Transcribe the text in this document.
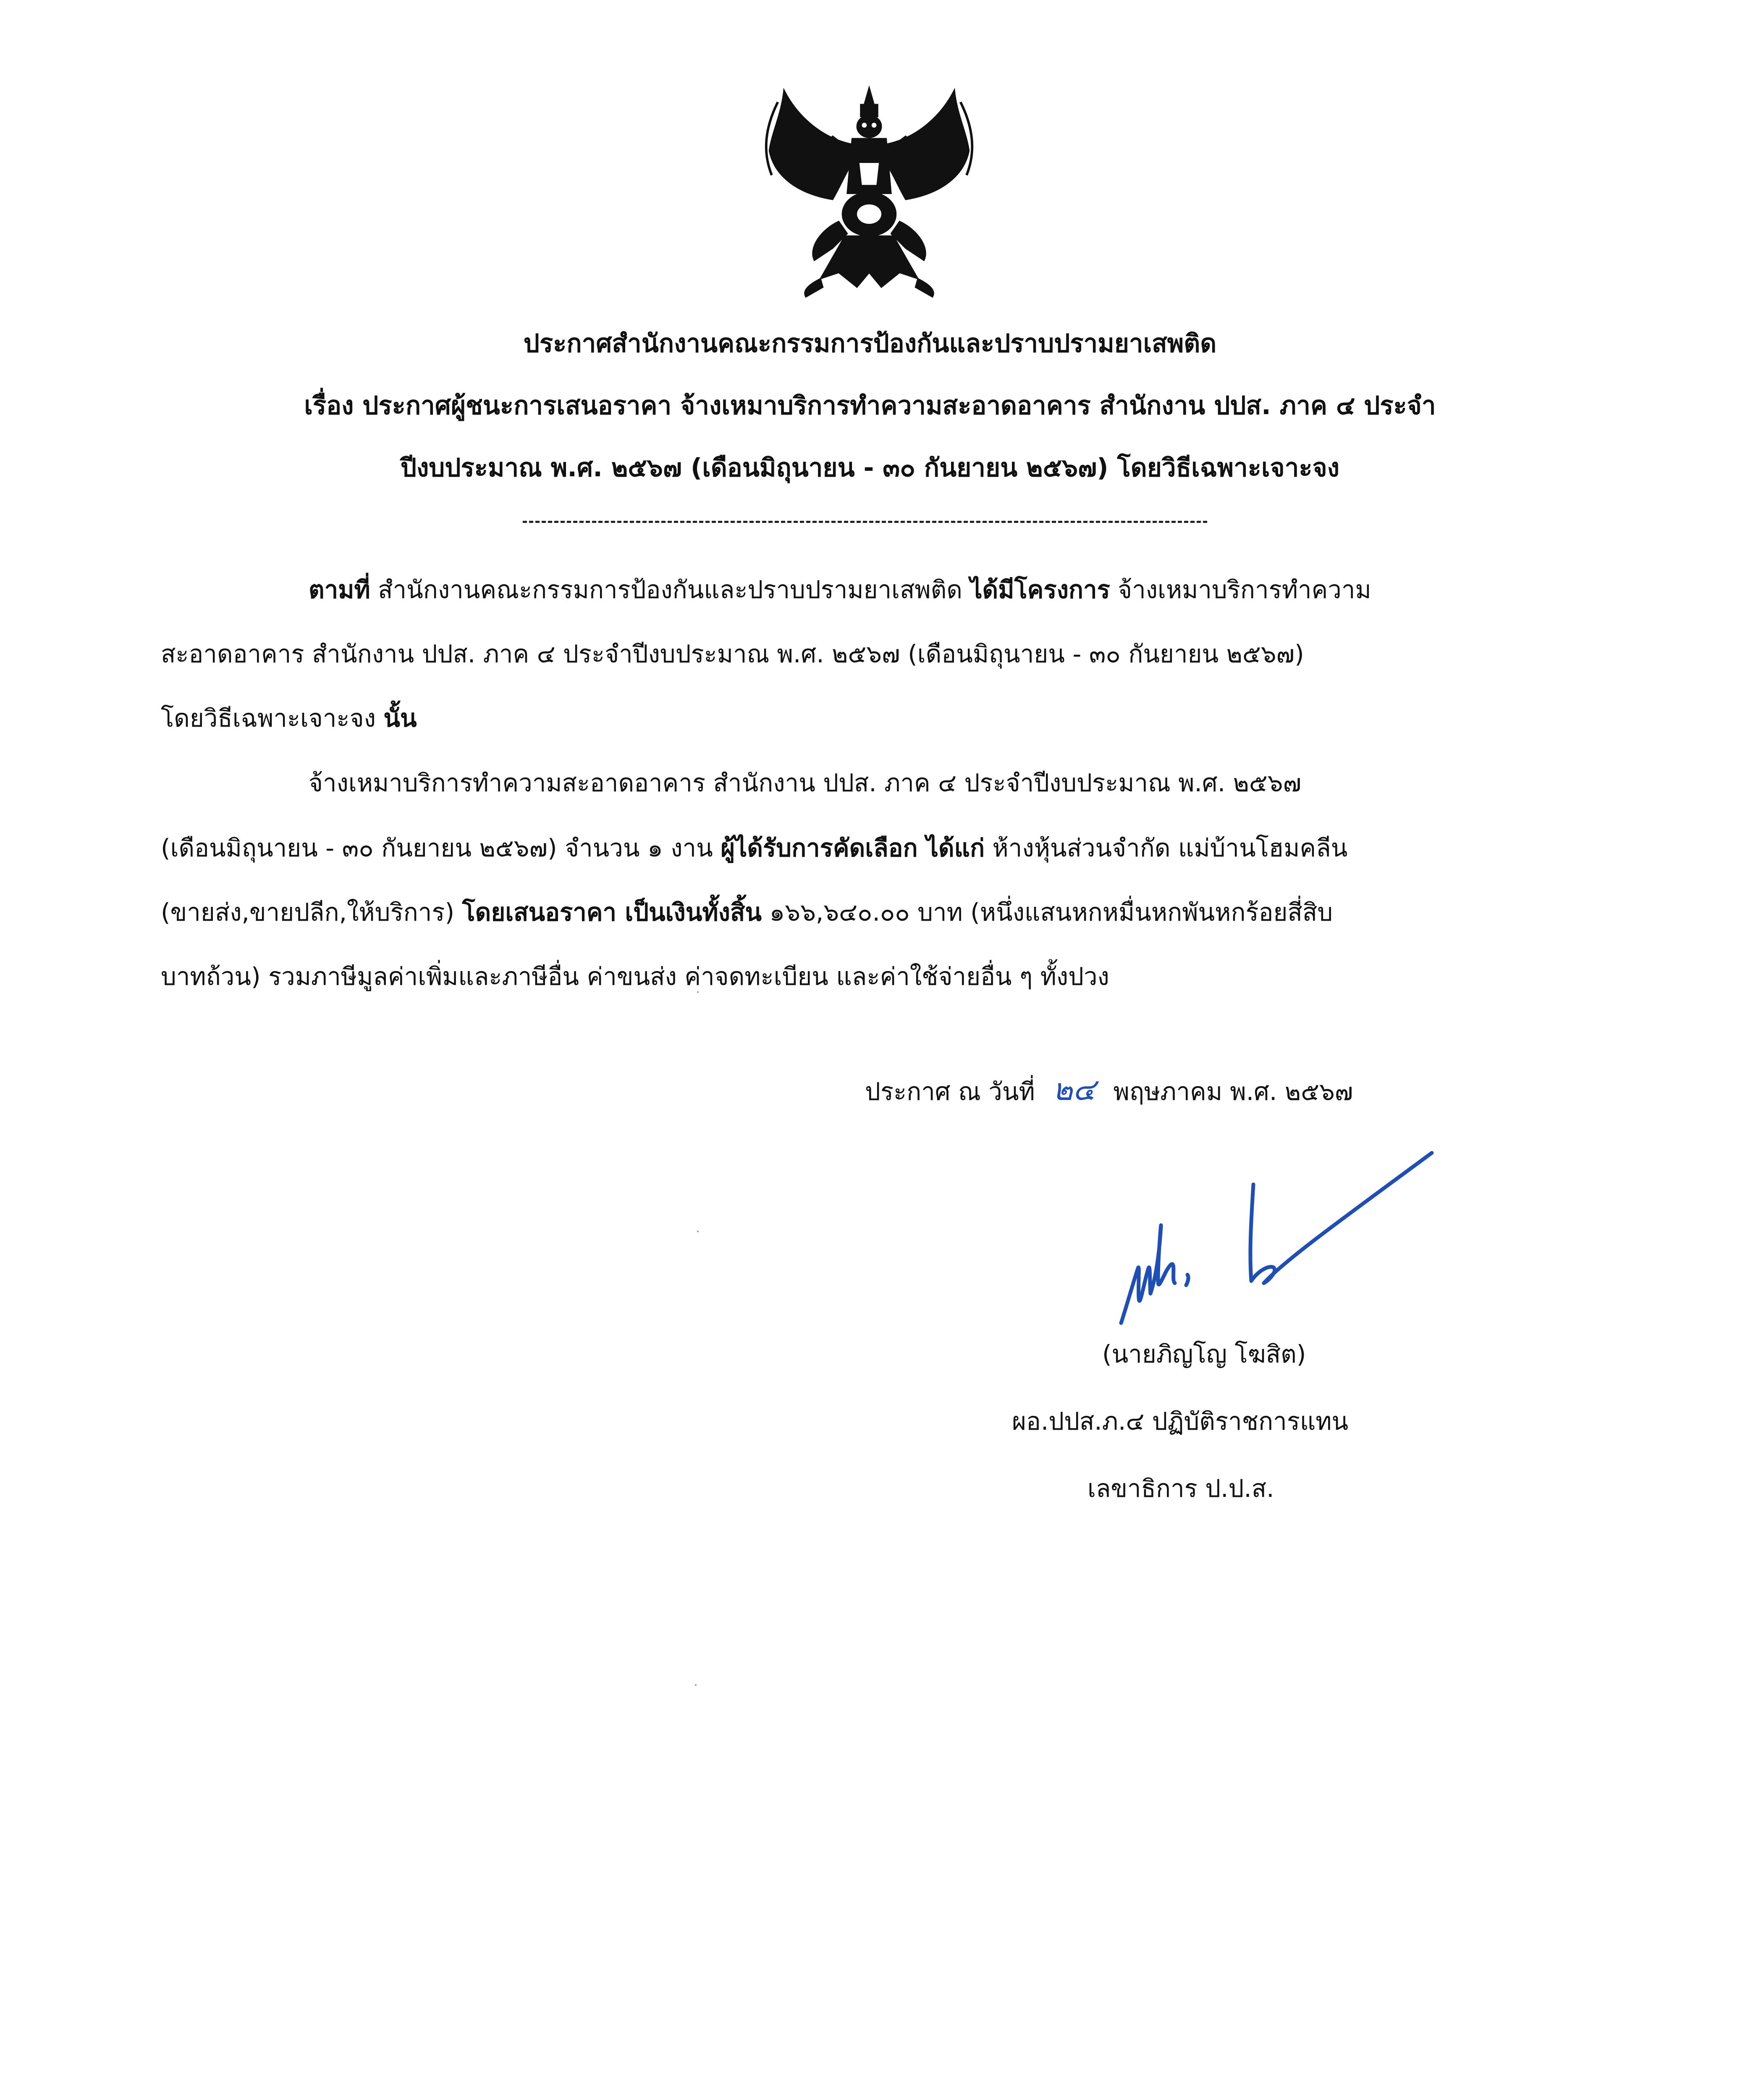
ประกาศสำนักงานคณะกรรมการป้องกันและปราบปรามยาเสพติด
เรื่อง ประกาศผู้ชนะการเสนอราคา จ้างเหมาบริการทำความสะอาดอาคาร สำนักงาน ปปส. ภาค ๔ ประจำ
ปีงบประมาณ พ.ศ. ๒๕๖๗ (เดือนมิถุนายน - ๓๐ กันยายน ๒๕๖๗) โดยวิธีเฉพาะเจาะจง
ตามที่ สำนักงานคณะกรรมการป้องกันและปราบปรามยาเสพติด ได้มีโครงการ จ้างเหมาบริการทำความ
สะอาดอาคาร สำนักงาน ปปส. ภาค ๔ ประจำปีงบประมาณ พ.ศ. ๒๕๖๗ (เดือนมิถุนายน - ๓๐ กันยายน ๒๕๖๗)
โดยวิธีเฉพาะเจาะจง นั้น
จ้างเหมาบริการทำความสะอาดอาคาร สำนักงาน ปปส. ภาค ๔ ประจำปีงบประมาณ พ.ศ. ๒๕๖๗
(เดือนมิถุนายน - ๓๐ กันยายน ๒๕๖๗) จำนวน ๑ งาน ผู้ได้รับการคัดเลือก ได้แก่ ห้างหุ้นส่วนจำกัด แม่บ้านโฮมคลีน
(ขายส่ง,ขายปลีก,ให้บริการ) โดยเสนอราคา เป็นเงินทั้งสิ้น ๑๖๖,๖๔๐.๐๐ บาท (หนึ่งแสนหกหมื่นหกพันหกร้อยสี่สิบ
บาทถ้วน) รวมภาษีมูลค่าเพิ่มและภาษีอื่น ค่าขนส่ง ค่าจดทะเบียน และค่าใช้จ่ายอื่น ๆ ทั้งปวง
ประกาศ ณ วันที่ ๒๔ พฤษภาคม พ.ศ. ๒๕๖๗
(นายภิญโญ โฆสิต)
ผอ.ปปส.ภ.๔ ปฏิบัติราชการแทน
เลขาธิการ ป.ป.ส.
